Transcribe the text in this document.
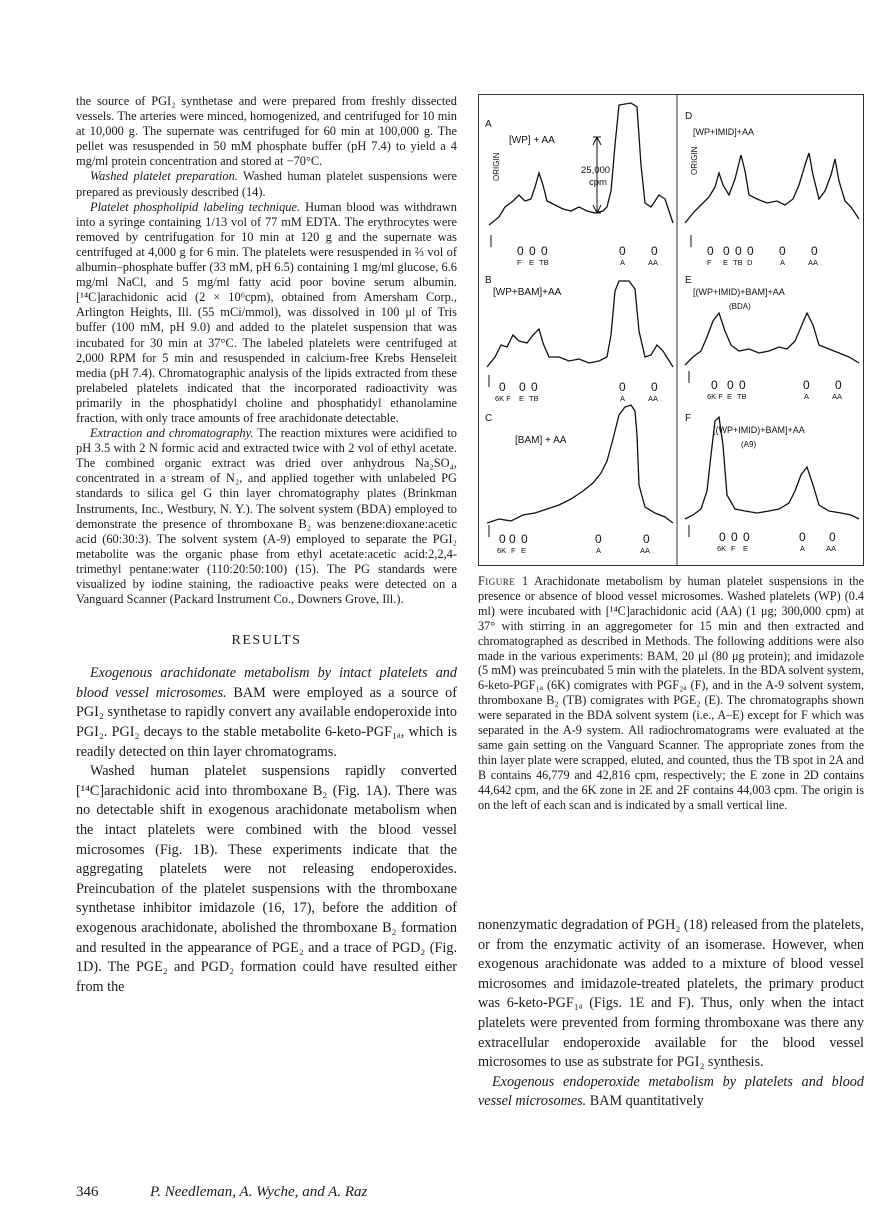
the source of PGI₂ synthetase and were prepared from freshly dissected vessels. The arteries were minced, homogenized, and centrifuged for 10 min at 10,000 g. The supernate was centrifuged for 60 min at 100,000 g. The pellet was resuspended in 50 mM phosphate buffer (pH 7.4) to yield a 4 mg/ml protein concentration and stored at −70°C.

Washed platelet preparation. Washed human platelet suspensions were prepared as previously described (14).

Platelet phospholipid labeling technique. Human blood was withdrawn into a syringe containing 1/13 vol of 77 mM EDTA. The erythrocytes were removed by centrifugation for 10 min at 120 g and the supernate was centrifuged at 4,000 g for 6 min. The platelets were resuspended in ⅔ vol of albumin–phosphate buffer (33 mM, pH 6.5) containing 1 mg/ml glucose, 6.6 mg/ml NaCl, and 5 mg/ml fatty acid poor bovine serum albumin. [¹⁴C]arachidonic acid (2 × 10⁶cpm), obtained from Amersham Corp., Arlington Heights, Ill. (55 mCi/mmol), was dissolved in 100 μl of Tris buffer (100 mM, pH 9.0) and added to the platelet suspension that was incubated for 30 min at 37°C. The labeled platelets were centrifuged at 2,000 RPM for 5 min and resuspended in calcium-free Krebs Henseleit media (pH 7.4). Chromatographic analysis of the lipids extracted from these prelabeled platelets indicated that the incorporated radioactivity was primarily in the phosphatidyl choline and phosphatidyl ethanolamine fraction, with only trace amounts of free arachidonate detectable.

Extraction and chromatography. The reaction mixtures were acidified to pH 3.5 with 2 N formic acid and extracted twice with 2 vol of ethyl acetate. The combined organic extract was dried over anhydrous Na₂SO₄, concentrated in a stream of N₂, and applied together with unlabeled PG standards to silica gel G thin layer chromatography plates (Brinkman Instruments, Inc., Westbury, N. Y.). The solvent system (BDA) employed to demonstrate the presence of thromboxane B₂ was benzene:dioxane:acetic acid (60:30:3). The solvent system (A-9) employed to separate the PGI₂ metabolite was the organic phase from ethyl acetate:acetic acid:2,2,4-trimethyl pentane:water (110:20:50:100) (15). The PG standards were visualized by iodine staining, the radioactive peaks were detected on a Vanguard Scanner (Packard Instrument Co., Downers Grove, Ill.).

RESULTS

Exogenous arachidonate metabolism by intact platelets and blood vessel microsomes. BAM were employed as a source of PGI₂ synthetase to rapidly convert any available endoperoxide into PGI₂. PGI₂ decays to the stable metabolite 6-keto-PGF₁ₐ, which is readily detected on thin layer chromatograms.

Washed human platelet suspensions rapidly converted [¹⁴C]arachidonic acid into thromboxane B₂ (Fig. 1A). There was no detectable shift in exogenous arachidonate metabolism when the intact platelets were combined with the blood vessel microsomes (Fig. 1B). These experiments indicate that the aggregating platelets were not releasing endoperoxides. Preincubation of the platelet suspensions with the thromboxane synthetase inhibitor imidazole (16, 17), before the addition of exogenous arachidonate, abolished the thromboxane B₂ formation and resulted in the appearance of PGE₂ and a trace of PGD₂ (Fig. 1D). The PGE₂ and PGD₂ formation could have resulted either from the

A
[WP] + AA
ORIGIN	25,000
cpm
0 0 0	0 0
F E TB	A	AA
B
[WP+BAM]+AA
0 0 0	0 0
6K F E TB	A	AA
C
[BAM] + AA
0 0 0	0	0
6K F E	A	AA
D
[WP+IMID]+AA
ORIGIN
0 0 0 0 0 0
F E TB D	A	AA
E
[(WP+IMID)+BAM]+AA
(BDA)
0 0 0	0 0
6K F E TB	A	AA
F
[(WP+IMID)+BAM]+AA
(A9)
0 0 0	0 0
6K F E	A	AA
Figure 1 Arachidonate metabolism by human platelet suspensions in the presence or absence of blood vessel microsomes. Washed platelets (WP) (0.4 ml) were incubated with [¹⁴C]arachidonic acid (AA) (1 μg; 300,000 cpm) at 37° with stirring in an aggregometer for 15 min and then extracted and chromatographed as described in Methods. The following additions were also made in the various experiments: BAM, 20 μl (80 μg protein); and imidazole (5 mM) was preincubated 5 min with the platelets. In the BDA solvent system, 6-keto-PGF₁ₐ (6K) comigrates with PGF₂ₐ (F), and in the A-9 solvent system, thromboxane B₂ (TB) comigrates with PGE₂ (E). The chromatographs shown were separated in the BDA solvent system (i.e., A–E) except for F which was separated in the A-9 system. All radiochromatograms were evaluated at the same gain setting on the Vanguard Scanner. The appropriate zones from the thin layer plate were scrapped, eluted, and counted, thus the TB spot in 2A and B contains 46,779 and 42,816 cpm, respectively; the E zone in 2D contains 44,642 cpm, and the 6K zone in 2E and 2F contains 44,003 cpm. The origin is on the left of each scan and is indicated by a small vertical line.

nonenzymatic degradation of PGH₂ (18) released from the platelets, or from the enzymatic activity of an isomerase. However, when exogenous arachidonate was added to a mixture of blood vessel microsomes and imidazole-treated platelets, the primary product was 6-keto-PGF₁ₐ (Figs. 1E and F). Thus, only when the intact platelets were prevented from forming thromboxane was there any extracellular endoperoxide available for the blood vessel microsomes to use as substrate for PGI₂ synthesis.

Exogenous endoperoxide metabolism by platelets and blood vessel microsomes. BAM quantitatively

346	P. Needleman, A. Wyche, and A. Raz
